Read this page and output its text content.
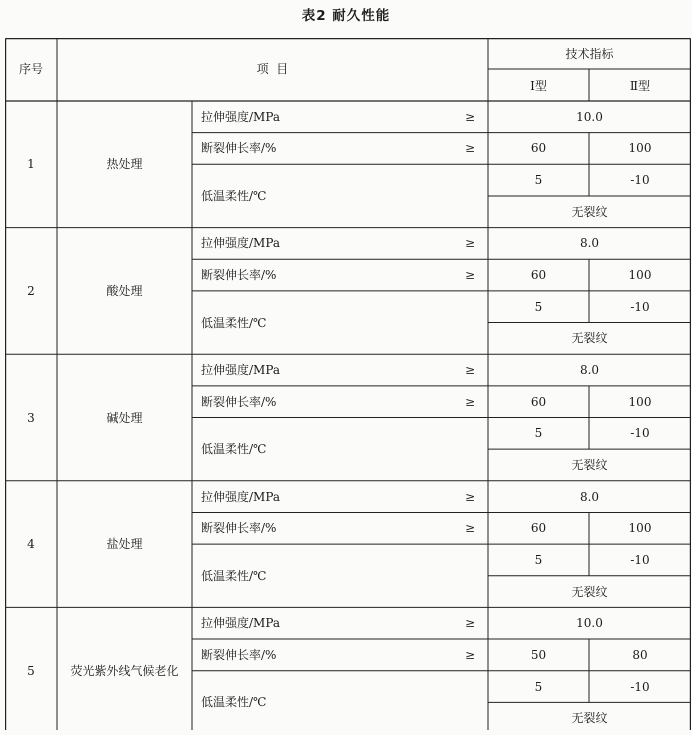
表2 耐久性能
序号	项  目
技术指标
Ⅰ型	Ⅱ型
1	热处理
拉伸强度/MPa	≥	10.0
断裂伸长率/%	≥	60	100
低温柔性/℃
5	-10
无裂纹
2	酸处理
拉伸强度/MPa	≥	8.0
断裂伸长率/%	≥	60	100
低温柔性/℃
5	-10
无裂纹
3	碱处理
拉伸强度/MPa	≥	8.0
断裂伸长率/%	≥	60	100
低温柔性/℃
5	-10
无裂纹
4	盐处理
拉伸强度/MPa	≥	8.0
断裂伸长率/%	≥	60	100
低温柔性/℃
5	-10
无裂纹
5	荧光紫外线气候老化
拉伸强度/MPa	≥	10.0
断裂伸长率/%	≥	50	80
低温柔性/℃
5	-10
无裂纹
